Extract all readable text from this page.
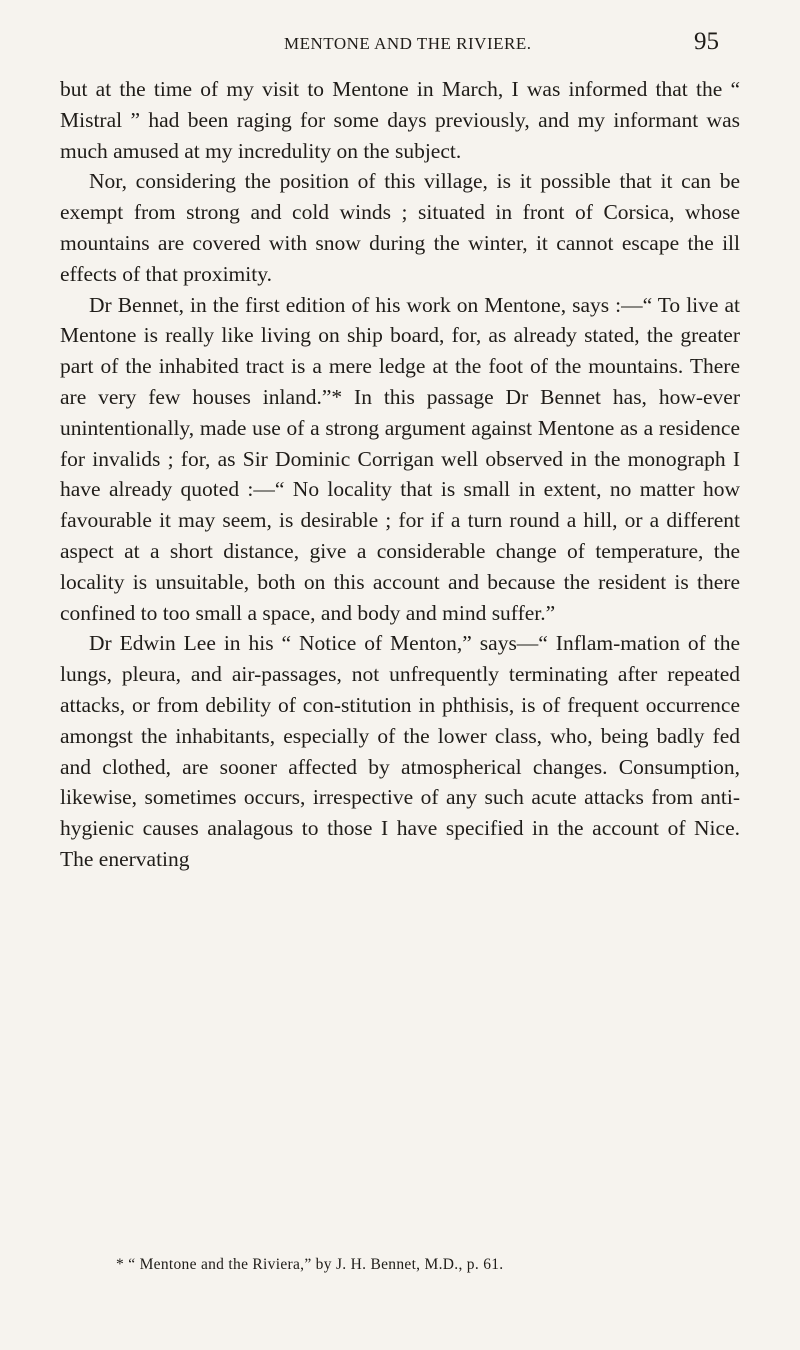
MENTONE AND THE RIVIERE.	95

but at the time of my visit to Mentone in March, I was informed that the “ Mistral ” had been raging for some days previously, and my informant was much amused at my incredulity on the subject.

Nor, considering the position of this village, is it possible that it can be exempt from strong and cold winds ; situated in front of Corsica, whose mountains are covered with snow during the winter, it cannot escape the ill effects of that proximity.

Dr Bennet, in the first edition of his work on Mentone, says :—“ To live at Mentone is really like living on ship board, for, as already stated, the greater part of the inhabited tract is a mere ledge at the foot of the mountains. There are very few houses inland.”* In this passage Dr Bennet has, how-ever unintentionally, made use of a strong argument against Mentone as a residence for invalids ; for, as Sir Dominic Corrigan well observed in the monograph I have already quoted :—“ No locality that is small in extent, no matter how favourable it may seem, is desirable ; for if a turn round a hill, or a different aspect at a short distance, give a considerable change of temperature, the locality is unsuitable, both on this account and because the resident is there confined to too small a space, and body and mind suffer.”

Dr Edwin Lee in his “ Notice of Menton,” says—“ Inflam-mation of the lungs, pleura, and air-passages, not unfrequently terminating after repeated attacks, or from debility of con-stitution in phthisis, is of frequent occurrence amongst the inhabitants, especially of the lower class, who, being badly fed and clothed, are sooner affected by atmospherical changes. Consumption, likewise, sometimes occurs, irrespective of any such acute attacks from anti-hygienic causes analagous to those I have specified in the account of Nice. The enervating

* “ Mentone and the Riviera,” by J. H. Bennet, M.D., p. 61.
